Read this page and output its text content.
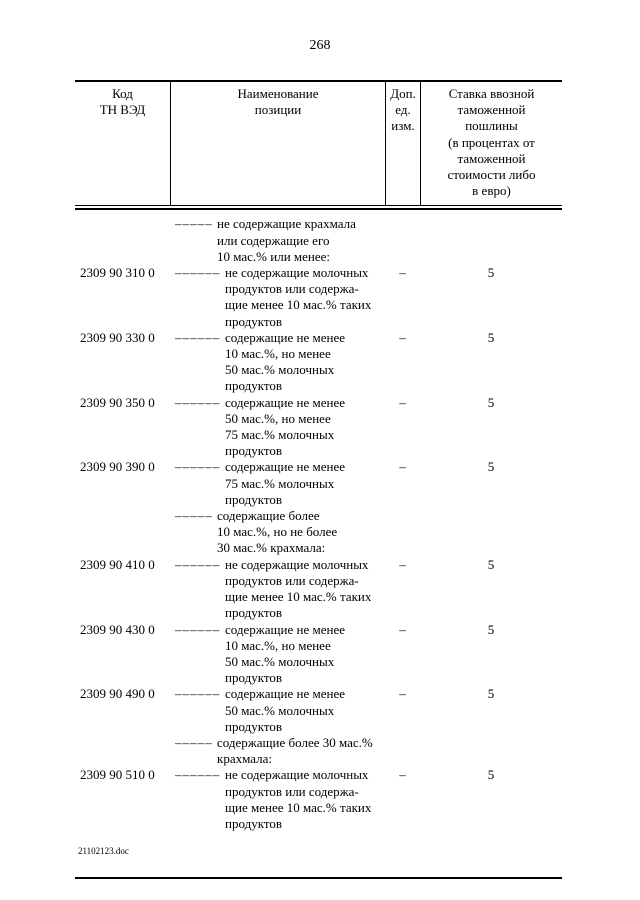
268
Код
ТН ВЭД
Наименование
позиции
Доп.
ед.
изм.
Ставка ввозной
таможенной
пошлины
(в процентах от
таможенной
стоимости либо
в евро)
– – – – – не содержащие крахмала
или содержащие его
10 мас.% или менее:
2309 90 310 0	– – – – – – не содержащие молочных
продуктов или содержа-
щие менее 10 мас.% таких
продуктов
–	5
2309 90 330 0	– – – – – – содержащие не менее
10 мас.%, но менее
50 мас.% молочных
продуктов
–	5
2309 90 350 0	– – – – – – содержащие не менее
50 мас.%, но менее
75 мас.% молочных
продуктов
–	5
2309 90 390 0	– – – – – – содержащие не менее
75 мас.% молочных
продуктов
–	5
– – – – – содержащие более
10 мас.%, но не более
30 мас.% крахмала:
2309 90 410 0	– – – – – – не содержащие молочных
продуктов или содержа-
щие менее 10 мас.% таких
продуктов
–	5
2309 90 430 0	– – – – – – содержащие не менее
10 мас.%, но менее
50 мас.% молочных
продуктов
–	5
2309 90 490 0	– – – – – – содержащие не менее
50 мас.% молочных
продуктов
–	5
– – – – – содержащие более 30 мас.%
крахмала:
2309 90 510 0	– – – – – – не содержащие молочных
продуктов или содержа-
щие менее 10 мас.% таких
продуктов
–	5
21102123.doc
